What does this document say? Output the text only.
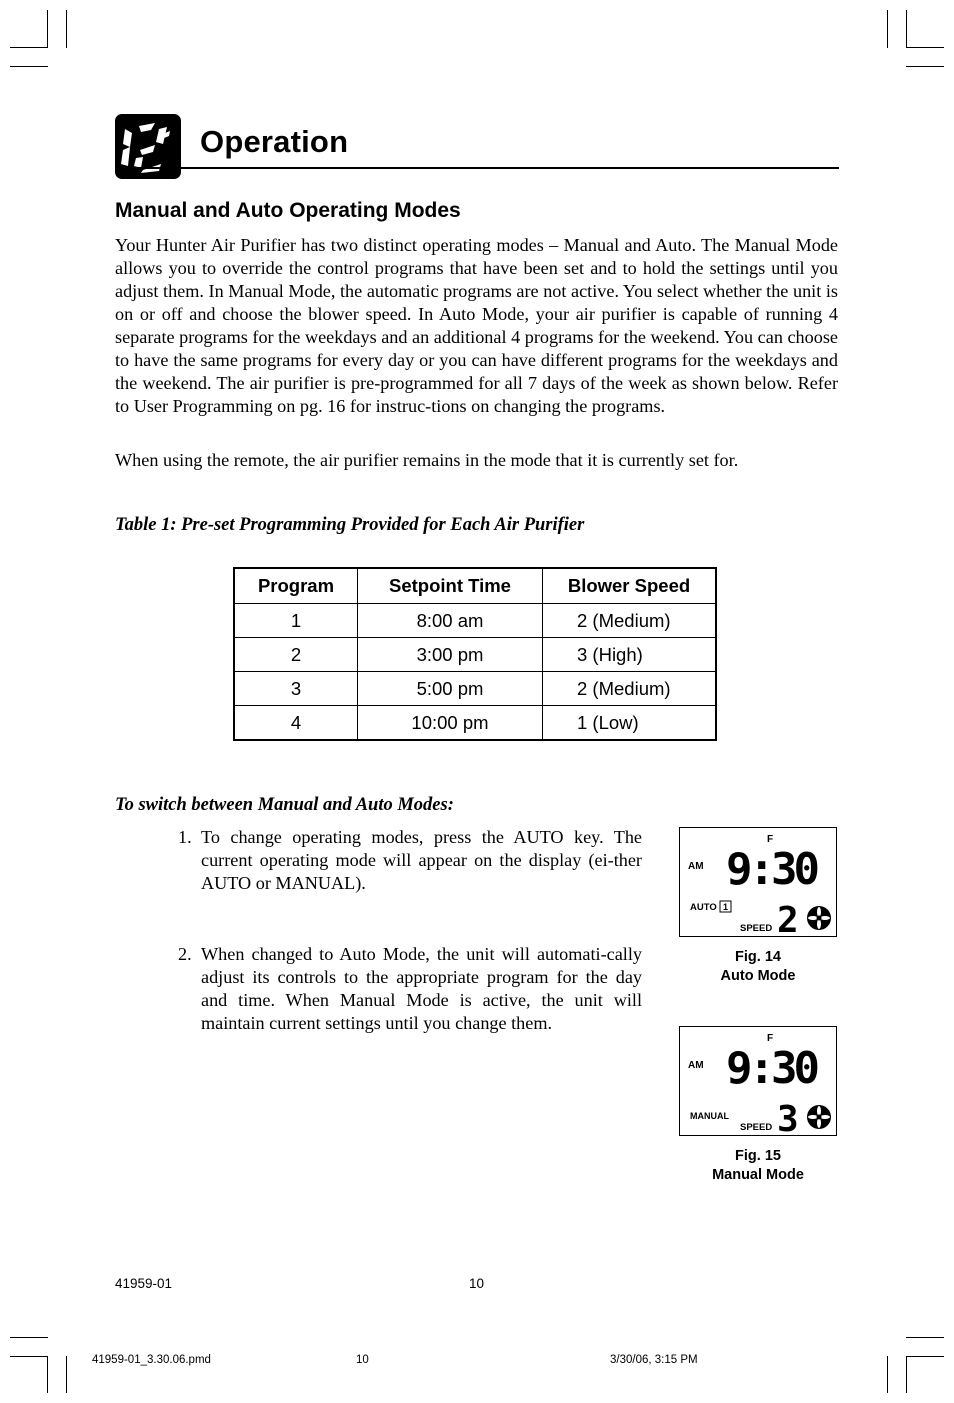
Operation
Manual and Auto Operating Modes

Your Hunter Air Purifier has two distinct operating modes – Manual and Auto. The Manual Mode allows you to override the control programs that have been set and to hold the settings until you adjust them. In Manual Mode, the automatic programs are not active. You select whether the unit is on or off and choose the blower speed. In Auto Mode, your air purifier is capable of running 4 separate programs for the weekdays and an additional 4 programs for the weekend. You can choose to have the same programs for every day or you can have different programs for the weekdays and the weekend. The air purifier is pre-programmed for all 7 days of the week as shown below. Refer to User Programming on pg. 16 for instruc-tions on changing the programs.

When using the remote, the air purifier remains in the mode that it is currently set for.

Table 1: Pre-set Programming Provided for Each Air Purifier
Program	Setpoint Time	Blower Speed
1	8:00 am	2 (Medium)
2	3:00 pm	3 (High)
3	5:00 pm	2 (Medium)
4	10:00 pm	1 (Low)
To switch between Manual and Auto Modes:
1. To change operating modes, press the AUTO key. The current operating mode will appear on the display (ei-ther AUTO or MANUAL).
2. When changed to Auto Mode, the unit will automati-cally adjust its controls to the appropriate program for the day and time. When Manual Mode is active, the unit will maintain current settings until you change them.
F
AM 9:30
AUTO 1
SPEED 2
Fig. 14
Auto Mode
F
AM 9:30
MANUAL
SPEED 3
Fig. 15
Manual Mode
41959-01	10
41959-01_3.30.06.pmd	10	3/30/06, 3:15 PM
